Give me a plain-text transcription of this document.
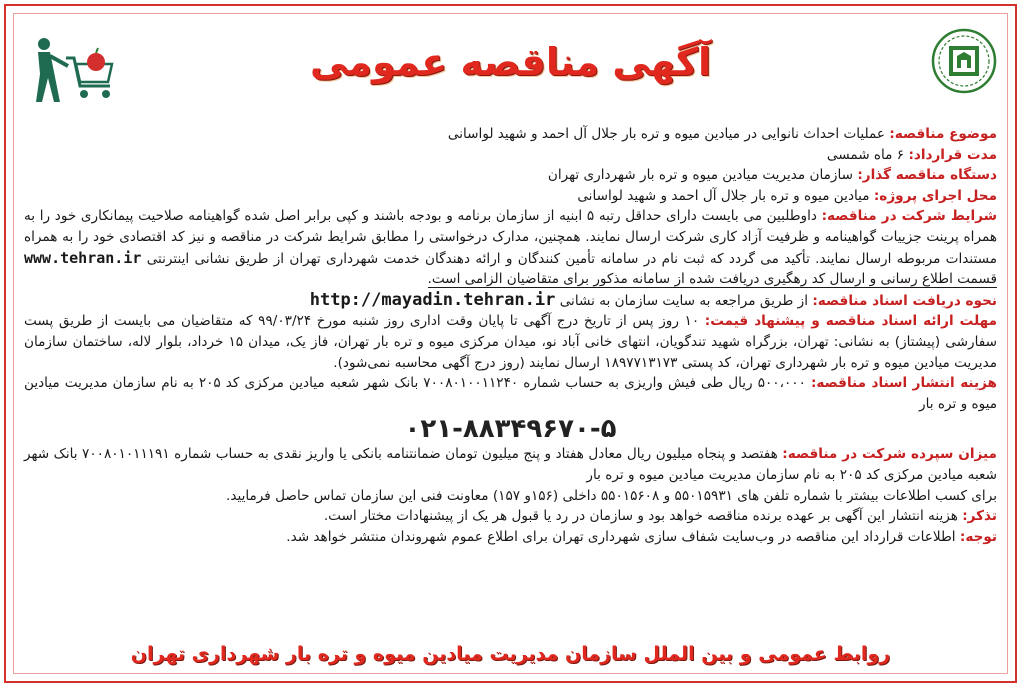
آگهی مناقصه عمومی

موضوع مناقصه: عملیات احداث نانوایی در میادین میوه و تره بار جلال آل احمد و شهید لواسانی

مدت قرارداد: ۶ ماه شمسی

دستگاه مناقصه گذار: سازمان مدیریت میادین میوه و تره بار شهرداری تهران

محل اجرای پروژه: میادین میوه و تره بار جلال آل احمد و شهید لواسانی

شرایط شرکت در مناقصه: داوطلبین می بایست دارای حداقل رتبه ۵ ابنیه از سازمان برنامه و بودجه باشند و کپی برابر اصل شده گواهینامه صلاحیت پیمانکاری خود را به همراه پرینت جزییات گواهینامه و ظرفیت آزاد کاری شرکت ارسال نمایند. همچنین، مدارک درخواستی را مطابق شرایط شرکت در مناقصه و نیز کد اقتصادی خود را به همراه مستندات مربوطه ارسال نمایند. تأکید می گردد که ثبت نام در سامانه تأمین کنندگان و ارائه دهندگان خدمت شهرداری تهران از طریق نشانی اینترنتی www.tehran.ir قسمت اطلاع رسانی و ارسال کد رهگیری دریافت شده از سامانه مذکور برای متقاضیان الزامی است.

نحوه دریافت اسناد مناقصه: از طریق مراجعه به سایت سازمان به نشانی http://mayadin.tehran.ir

مهلت ارائه اسناد مناقصه و پیشنهاد قیمت: ۱۰ روز پس از تاریخ درج آگهی تا پایان وقت اداری روز شنبه مورخ ۹۹/۰۳/۲۴ که متقاضیان می بایست از طریق پست سفارشی (پیشتاز) به نشانی: تهران، بزرگراه شهید تندگویان، انتهای خانی آباد نو، میدان مرکزی میوه و تره بار تهران، فاز یک، میدان ۱۵ خرداد، بلوار لاله، ساختمان سازمان مدیریت میادین میوه و تره بار شهرداری تهران، کد پستی ۱۸۹۷۷۱۳۱۷۳ ارسال نمایند (روز درج آگهی محاسبه نمی‌شود).

هزینه انتشار اسناد مناقصه: ۵۰۰،۰۰۰ ریال طی فیش واریزی به حساب شماره ۷۰۰۸۰۱۰۰۱۱۲۴۰ بانک شهر شعبه میادین مرکزی کد ۲۰۵ به نام سازمان مدیریت میادین میوه و تره بار

۰۲۱-۸۸۳۴۹۶۷۰-۵

میزان سپرده شرکت در مناقصه: هفتصد و پنجاه میلیون ریال معادل هفتاد و پنج میلیون تومان ضمانتنامه بانکی یا واریز نقدی به حساب شماره ۷۰۰۸۰۱۰۱۱۱۹۱ بانک شهر شعبه میادین مرکزی کد ۲۰۵ به نام سازمان مدیریت میادین میوه و تره بار

برای کسب اطلاعات بیشتر با شماره تلفن های ۵۵۰۱۵۹۳۱ و ۵۵۰۱۵۶۰۸ داخلی (۱۵۶و ۱۵۷) معاونت فنی این سازمان تماس حاصل فرمایید.

تذکر: هزینه انتشار این آگهی بر عهده برنده مناقصه خواهد بود و سازمان در رد یا قبول هر یک از پیشنهادات مختار است.

توجه: اطلاعات قرارداد این مناقصه در وب‌سایت شفاف سازی شهرداری تهران برای اطلاع عموم شهروندان منتشر خواهد شد.

روابط عمومی و بین الملل سازمان مدیریت میادین میوه و تره بار شهرداری تهران
